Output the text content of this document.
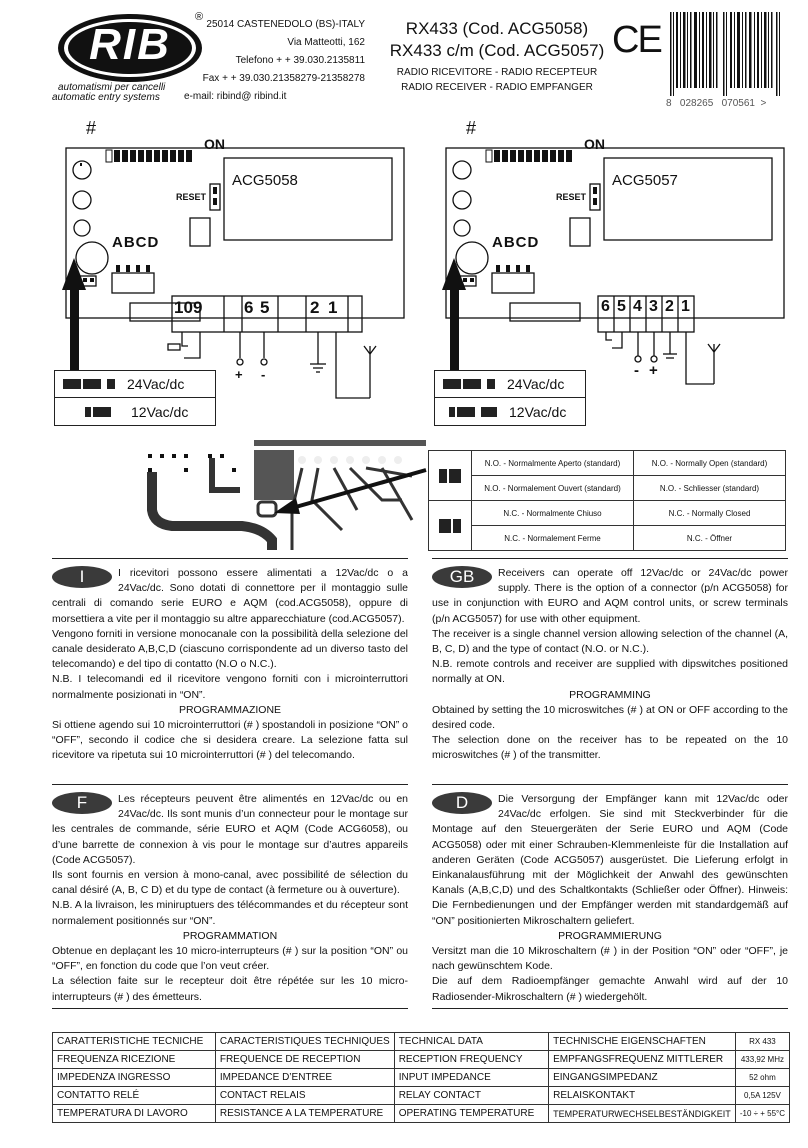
RIB
automatismi per cancelli
®
automatic entry systems
25014 CASTENEDOLO (BS)-ITALY
Via Matteotti, 162
Telefono + + 39.030.2135811
Fax + + 39.030.21358279-21358278
e-mail: ribind@ ribind.it
RX433 (Cod. ACG5058)
RX433 c/m (Cod. ACG5057)
RADIO RICEVITORE - RADIO RECEPTEUR
RADIO RECEIVER - RADIO EMPFANGER
CE
8   028265   070561  >
#
ON
RESET
ACG5058
ABCD
10 9 6 5 2 1
+ -
24Vac/dc
12Vac/dc
#
ON
RESET
ACG5057
ABCD
6 5 4 3 2 1
- +
24Vac/dc
12Vac/dc
	N.O. - Normalmente Aperto (standard)	N.O. - Normally Open (standard)
	N.O. - Normalement Ouvert (standard)	N.O. - Schliesser (standard)
	N.C. - Normalmente Chiuso	N.C. - Normally Closed
	N.C. - Normalement Ferme	N.C. - Öffner
I	I ricevitori possono essere alimentati a 12Vac/dc o a 24Vac/dc. Sono dotati di connettore per il montaggio sulle centrali di comando serie EURO e AQM (cod.ACG5058), oppure di morsettiera a vite per il montaggio su altre apparecchiature (cod.ACG5057).

Vengono forniti in versione monocanale con la possibilità della selezione del canale desiderato A,B,C,D (ciascuno corrispondente ad un diverso tasto del telecomando) e del tipo di contatto (N.O o N.C.).

N.B. I telecomandi ed il ricevitore vengono forniti con i microinterruttori normalmente posizionati in “ON”.

PROGRAMMAZIONE

Si ottiene agendo sui 10 microinterruttori (# ) spostandoli in posizione “ON” o “OFF”, secondo il codice che si desidera creare. La selezione fatta sul ricevitore va ripetuta sui 10 microinterruttori (# ) del telecomando.

GB	Receivers can operate off 12Vac/dc or 24Vac/dc power supply. There is the option of a connector (p/n ACG5058) for use in conjunction with EURO and AQM control units, or screw terminals (p/n ACG5057) for use with other equipment.

The receiver is a single channel version allowing selection of the channel (A, B, C, D) and the type of contact (N.O. or N.C.).

N.B. remote controls and receiver are supplied with dipswitches positioned normally at ON.

PROGRAMMING

Obtained by setting the 10 microswitches (# ) at ON or OFF according to the desired code.

The selection done on the receiver has to be repeated on the 10 microswitches (# ) of the transmitter.

F	Les récepteurs peuvent être alimentés en 12Vac/dc ou en 24Vac/dc. Ils sont munis d’un connecteur pour le montage sur les centrales de commande, série EURO et AQM (Code ACG6058), ou d’une barrette de connexion à vis pour le montage sur d’autres appareils (Code ACG5057).

Ils sont fournis en version à mono-canal, avec possibilité de sélection du canal désiré (A, B, C D) et du type de contact (à fermeture ou à ouverture).

N.B. A la livraison, les miniruptuers des télécommandes et du récepteur sont normalement positionnés sur “ON”.

PROGRAMMATION

Obtenue en deplaçant les 10 micro-interrupteurs (# ) sur la position “ON” ou “OFF”, en fonction du code que l’on veut créer.

La sélection faite sur le recepteur doit être répétée sur les 10 micro-interrupteurs (# ) des émetteurs.

D	Die Versorgung der Empfänger kann mit 12Vac/dc oder 24Vac/dc erfolgen. Sie sind mit Steckverbinder für die Montage auf den Steuergeräten der Serie EURO und AQM (Code ACG5058) oder mit einer Schrauben-Klemmenleiste für die Installation auf anderen Geräten (Code ACG5057) ausgerüstet. Die Lieferung erfolgt in Einkanalausführung mit der Möglichkeit der Anwahl des gewünschten Kanals (A,B,C,D) und des Schaltkontakts (Schließer oder Öffner). Hinweis: Die Fernbedienungen und der Empfänger werden mit standardgemäß auf “ON” positionierten Mikroschaltern geliefert.

PROGRAMMIERUNG

Versitzt man die 10 Mikroschaltern (# ) in der Position “ON” oder “OFF”, je nach gewünschtem Kode.

Die auf dem Radioempfänger gemachte Anwahl wird auf der 10 Radiosender-Mikroschaltern (# ) wiedergehölt.

CARATTERISTICHE TECNICHE	CARACTERISTIQUES TECHNIQUES	TECHNICAL DATA	TECHNISCHE EIGENSCHAFTEN	RX 433
FREQUENZA RICEZIONE	FREQUENCE DE RECEPTION	RECEPTION FREQUENCY	EMPFANGSFREQUENZ MITTLERER	433,92 MHz
IMPEDENZA INGRESSO	IMPEDANCE D’ENTREE	INPUT IMPEDANCE	EINGANGSIMPEDANZ	52 ohm
CONTATTO RELÉ	CONTACT RELAIS	RELAY CONTACT	RELAISKONTAKT	0,5A 125V
TEMPERATURA DI LAVORO	RESISTANCE A LA TEMPERATURE	OPERATING TEMPERATURE	TEMPERATURWECHSELBESTÄNDIGKEIT	-10 ÷ + 55°C
